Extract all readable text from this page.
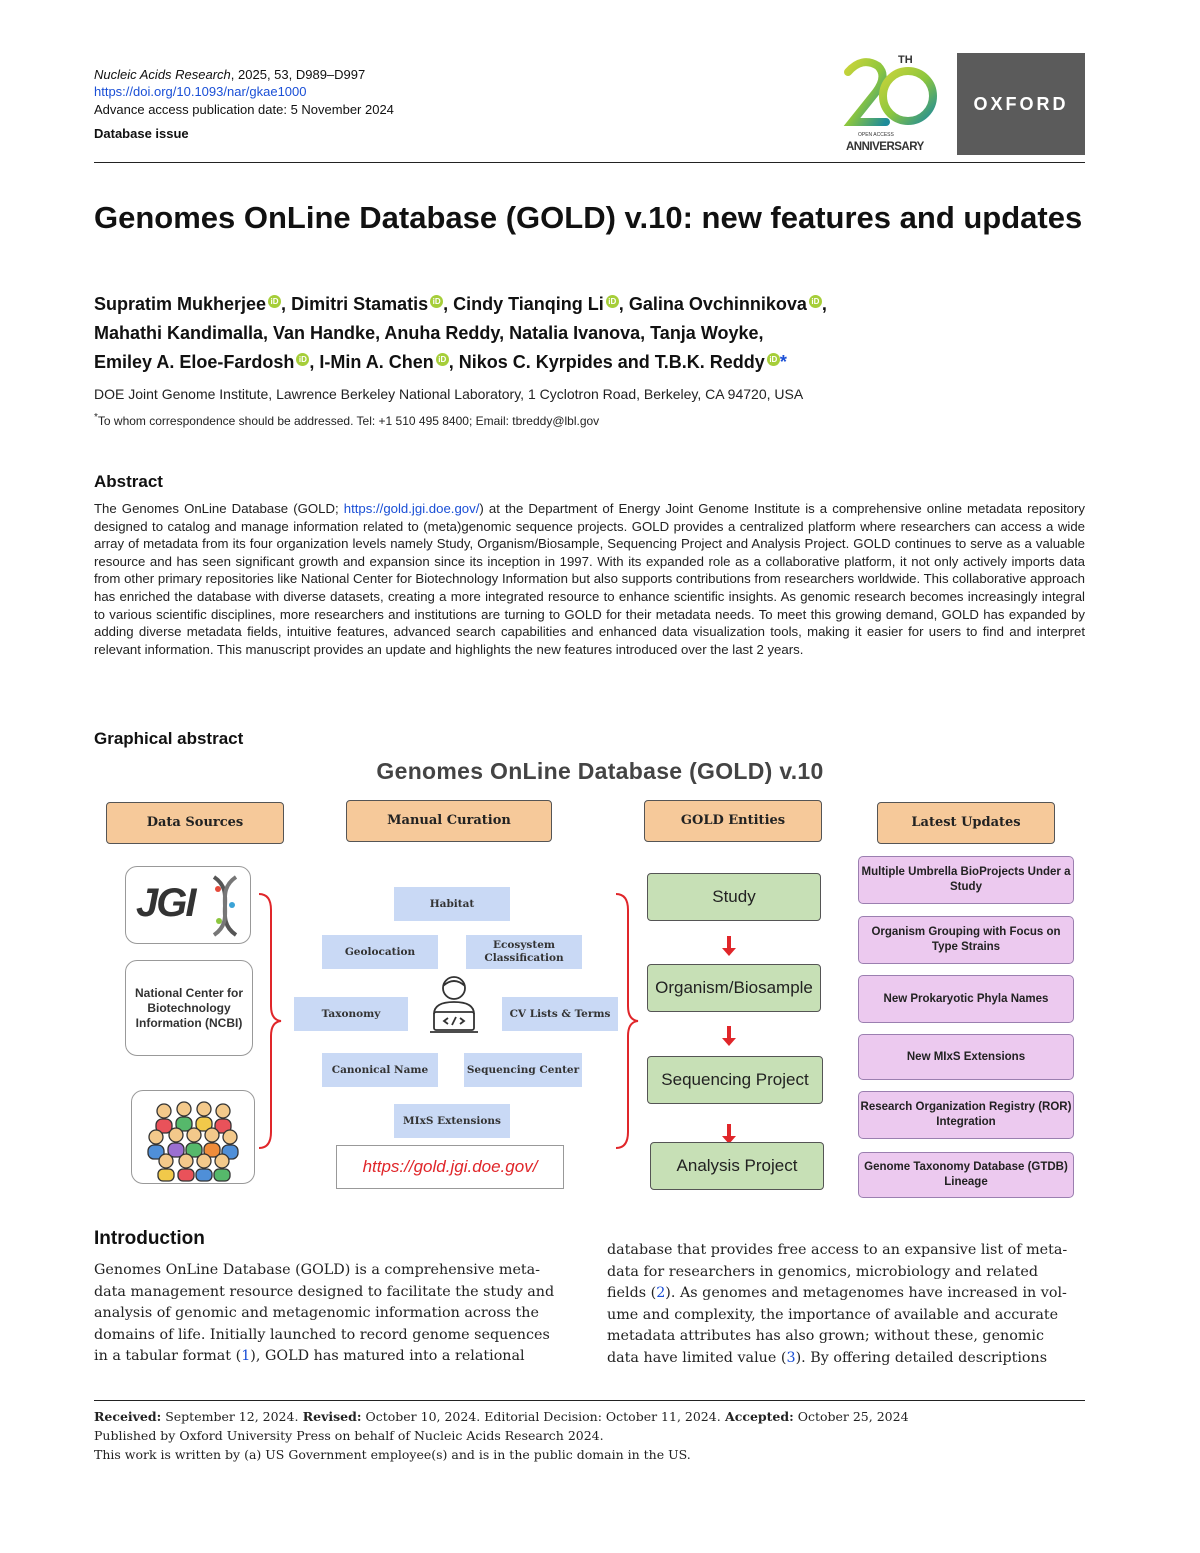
Nucleic Acids Research, 2025, 53, D989–D997
https://doi.org/10.1093/nar/gkae1000
Advance access publication date: 5 November 2024
Database issue
TH
OPEN ACCESS
ANNIVERSARY
OXFORD
Genomes OnLine Database (GOLD) v.10: new features and updates
Supratim Mukherjee iD , Dimitri Stamatis iD , Cindy Tianqing Li iD , Galina Ovchinnikova iD ,
Mahathi Kandimalla, Van Handke, Anuha Reddy, Natalia Ivanova, Tanja Woyke,
Emiley A. Eloe-Fardosh iD , I-Min A. Chen iD , Nikos C. Kyrpides and T.B.K. Reddy iD *
DOE Joint Genome Institute, Lawrence Berkeley National Laboratory, 1 Cyclotron Road, Berkeley, CA 94720, USA
*To whom correspondence should be addressed. Tel: +1 510 495 8400; Email: tbreddy@lbl.gov
Abstract
The Genomes OnLine Database (GOLD; https://gold.jgi.doe.gov/) at the Department of Energy Joint Genome Institute is a comprehensive online metadata repository designed to catalog and manage information related to (meta)genomic sequence projects. GOLD provides a centralized platform where researchers can access a wide array of metadata from its four organization levels namely Study, Organism/Biosample, Sequencing Project and Analysis Project. GOLD continues to serve as a valuable resource and has seen significant growth and expansion since its inception in 1997. With its expanded role as a collaborative platform, it not only actively imports data from other primary repositories like National Center for Biotechnology Information but also supports contributions from researchers worldwide. This collaborative approach has enriched the database with diverse datasets, creating a more integrated resource to enhance scientific insights. As genomic research becomes increasingly integral to various scientific disciplines, more researchers and institutions are turning to GOLD for their metadata needs. To meet this growing demand, GOLD has expanded by adding diverse metadata fields, intuitive features, advanced search capabilities and enhanced data visualization tools, making it easier for users to find and interpret relevant information. This manuscript provides an update and highlights the new features introduced over the last 2 years.
Graphical abstract
Genomes OnLine Database (GOLD) v.10
Data Sources	Manual Curation	GOLD Entities	Latest Updates
JGI
National Center for Biotechnology Information (NCBI)
Habitat
Geolocation
Ecosystem Classification
Taxonomy	CV Lists & Terms
Canonical Name	Sequencing Center
MIxS Extensions
https://gold.jgi.doe.gov/
Study
Organism/Biosample
Sequencing Project
Analysis Project
Multiple Umbrella BioProjects Under a Study
Organism Grouping with Focus on Type Strains
New Prokaryotic Phyla Names
New MIxS Extensions
Research Organization Registry (ROR) Integration
Genome Taxonomy Database (GTDB) Lineage
Introduction
Genomes OnLine Database (GOLD) is a comprehensive meta-
data management resource designed to facilitate the study and
analysis of genomic and metagenomic information across the
domains of life. Initially launched to record genome sequences
in a tabular format (1), GOLD has matured into a relational
database that provides free access to an expansive list of meta-
data for researchers in genomics, microbiology and related
fields (2). As genomes and metagenomes have increased in vol-
ume and complexity, the importance of available and accurate
metadata attributes has also grown; without these, genomic
data have limited value (3). By offering detailed descriptions
Received: September 12, 2024. Revised: October 10, 2024. Editorial Decision: October 11, 2024. Accepted: October 25, 2024
Published by Oxford University Press on behalf of Nucleic Acids Research 2024.
This work is written by (a) US Government employee(s) and is in the public domain in the US.
